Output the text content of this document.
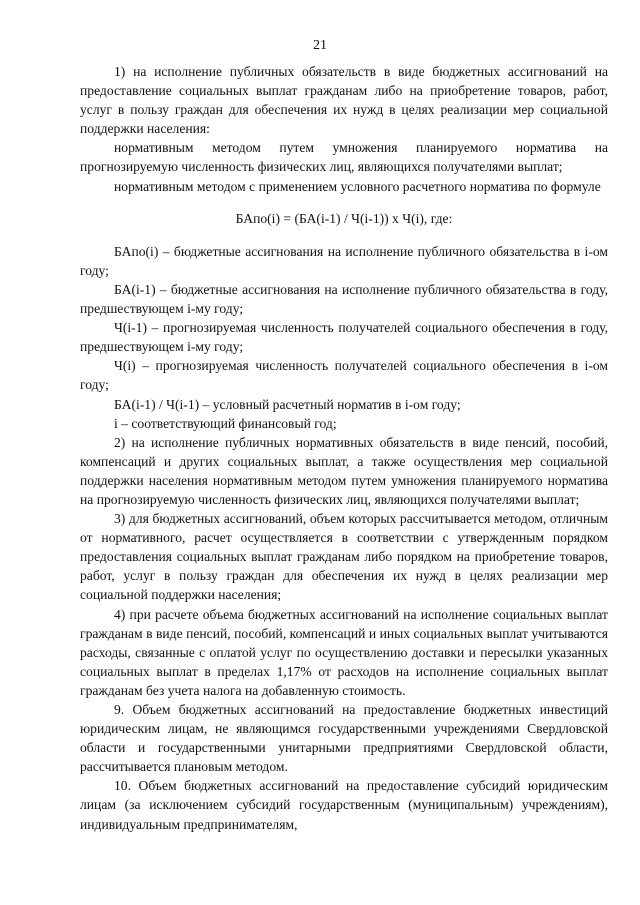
21

1) на исполнение публичных обязательств в виде бюджетных ассигнований на предоставление социальных выплат гражданам либо на приобретение товаров, работ, услуг в пользу граждан для обеспечения их нужд в целях реализации мер социальной поддержки населения:

нормативным методом путем умножения планируемого норматива на прогнозируемую численность физических лиц, являющихся получателями выплат;

нормативным методом с применением условного расчетного норматива по формуле

БАпо(i) = (БА(i-1) / Ч(i-1)) x Ч(i), где:

БАпо(i) – бюджетные ассигнования на исполнение публичного обязательства в i-ом году;

БА(i-1) – бюджетные ассигнования на исполнение публичного обязательства в году, предшествующем i-му году;

Ч(i-1) – прогнозируемая численность получателей социального обеспечения в году, предшествующем i-му году;

Ч(i) – прогнозируемая численность получателей социального обеспечения в i-ом году;

БА(i-1) / Ч(i-1) – условный расчетный норматив в i-ом году;

i – соответствующий финансовый год;

2) на исполнение публичных нормативных обязательств в виде пенсий, пособий, компенсаций и других социальных выплат, а также осуществления мер социальной поддержки населения нормативным методом путем умножения планируемого норматива на прогнозируемую численность физических лиц, являющихся получателями выплат;

3) для бюджетных ассигнований, объем которых рассчитывается методом, отличным от нормативного, расчет осуществляется в соответствии с утвержденным порядком предоставления социальных выплат гражданам либо порядком на приобретение товаров, работ, услуг в пользу граждан для обеспечения их нужд в целях реализации мер социальной поддержки населения;

4) при расчете объема бюджетных ассигнований на исполнение социальных выплат гражданам в виде пенсий, пособий, компенсаций и иных социальных выплат учитываются расходы, связанные с оплатой услуг по осуществлению доставки и пересылки указанных социальных выплат в пределах 1,17% от расходов на исполнение социальных выплат гражданам без учета налога на добавленную стоимость.

9. Объем бюджетных ассигнований на предоставление бюджетных инвестиций юридическим лицам, не являющимся государственными учреждениями Свердловской области и государственными унитарными предприятиями Свердловской области, рассчитывается плановым методом.

10. Объем бюджетных ассигнований на предоставление субсидий юридическим лицам (за исключением субсидий государственным (муниципальным) учреждениям), индивидуальным предпринимателям,
